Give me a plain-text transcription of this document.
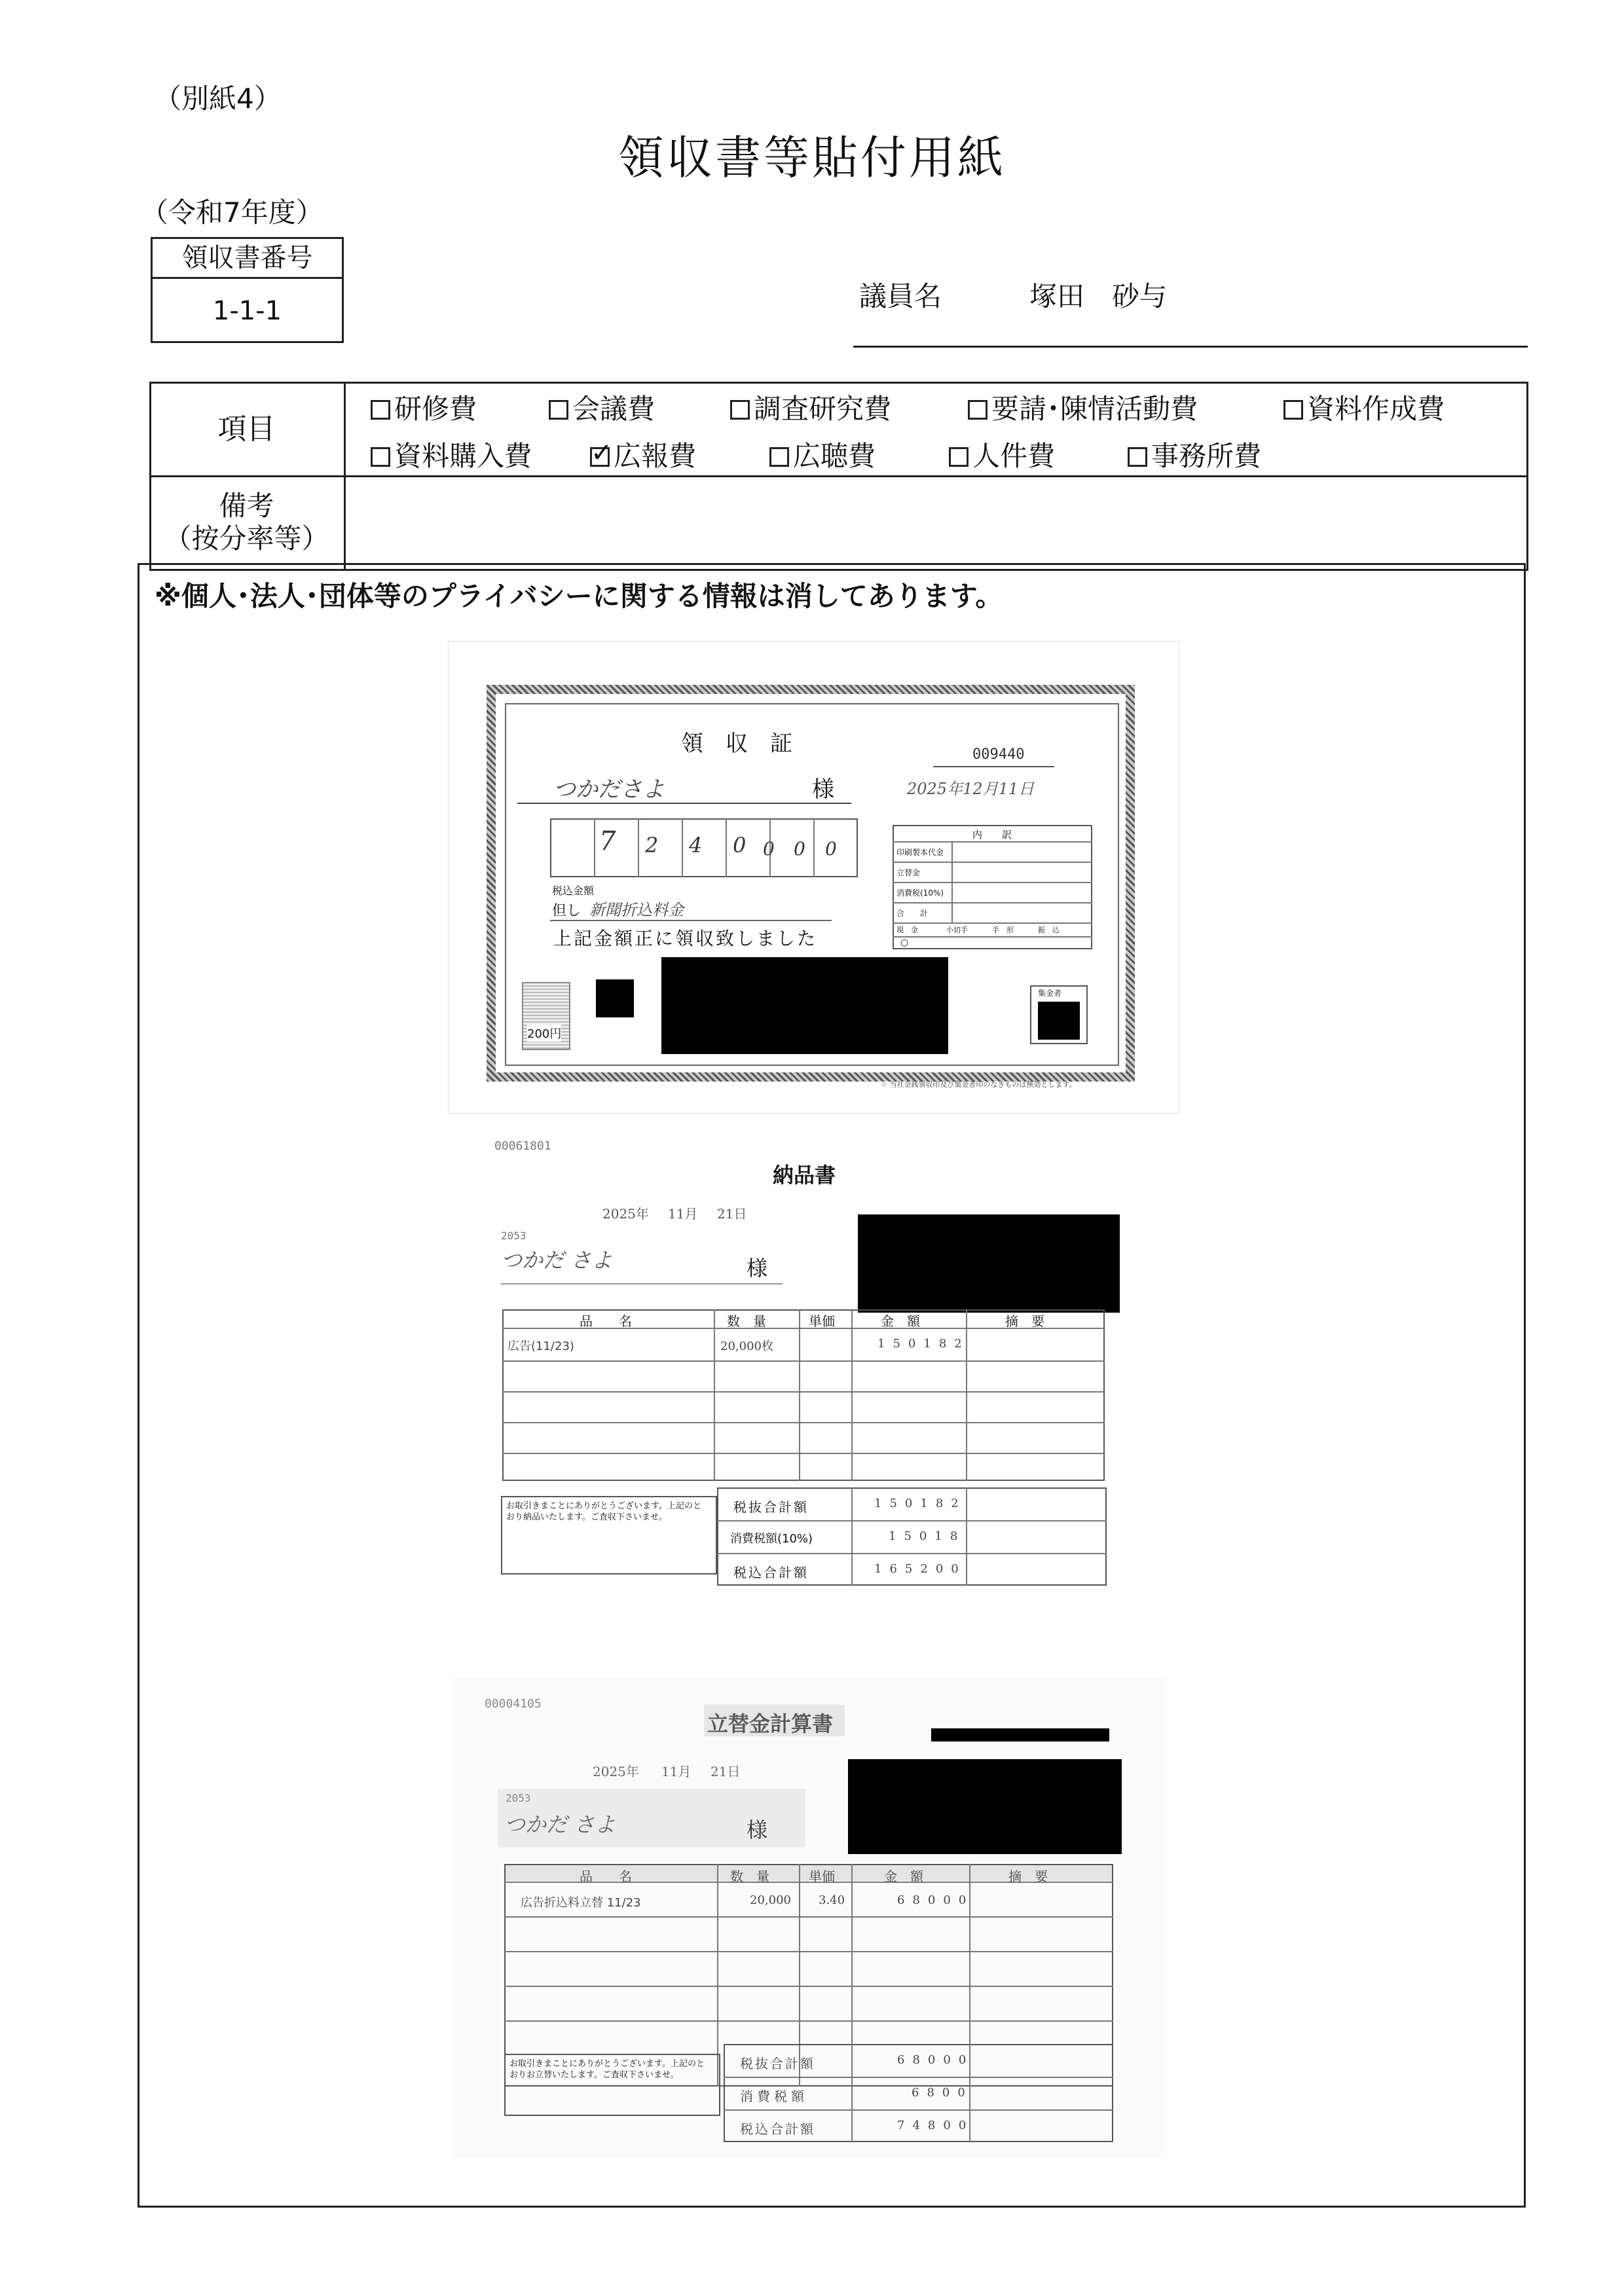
（別紙4）
領収書等貼付用紙
（令和7年度）
領収書番号
1-1-1	議員名	塚田　砂与
項目
研修費	会議費	調査研究費	要請･陳情活動費	資料作成費
資料購入費
✓	広報費	広聴費	人件費	事務所費
備考
（按分率等）
※個人･法人･団体等のプライバシーに関する情報は消してあります。
領　収　証	009440
つかださよ	様	2025年12月11日
7 2 4 0 0 0 0
税込金額
但し 新聞折込料金
上記金額正に領収致しました
内　　訳
印刷製本代金
立替金
消費税(10%)
合　　計
現　金	小切手	手　形	振　込
○
200円
集金者
☆ 当社金銭領収印及び集金者印のなきものは無効とします。
00061801
納品書
2025年 11月 21日
2053
つかだ さよ	様
品　　名	数　量	単価	金　額	摘　要
広告(11/23)	20,000枚	150182
お取引きまことにありがとうございます。上記のとおり納品いたします。ご査収下さいませ。
税抜合計額
消費税額(10%)
税込合計額
150182
15018
165200
00004105
立替金計算書
2025年 11月 21日
2053
つかだ さよ	様
品　　名	数　量	単価	金　額	摘　要
広告折込料立替 11/23	20,000 3.40	68000
お取引きまことにありがとうございます。上記のとおりお立替いたします。ご査収下さいませ。
税抜合計額
消費税額
税込合計額
68000
6800
74800
